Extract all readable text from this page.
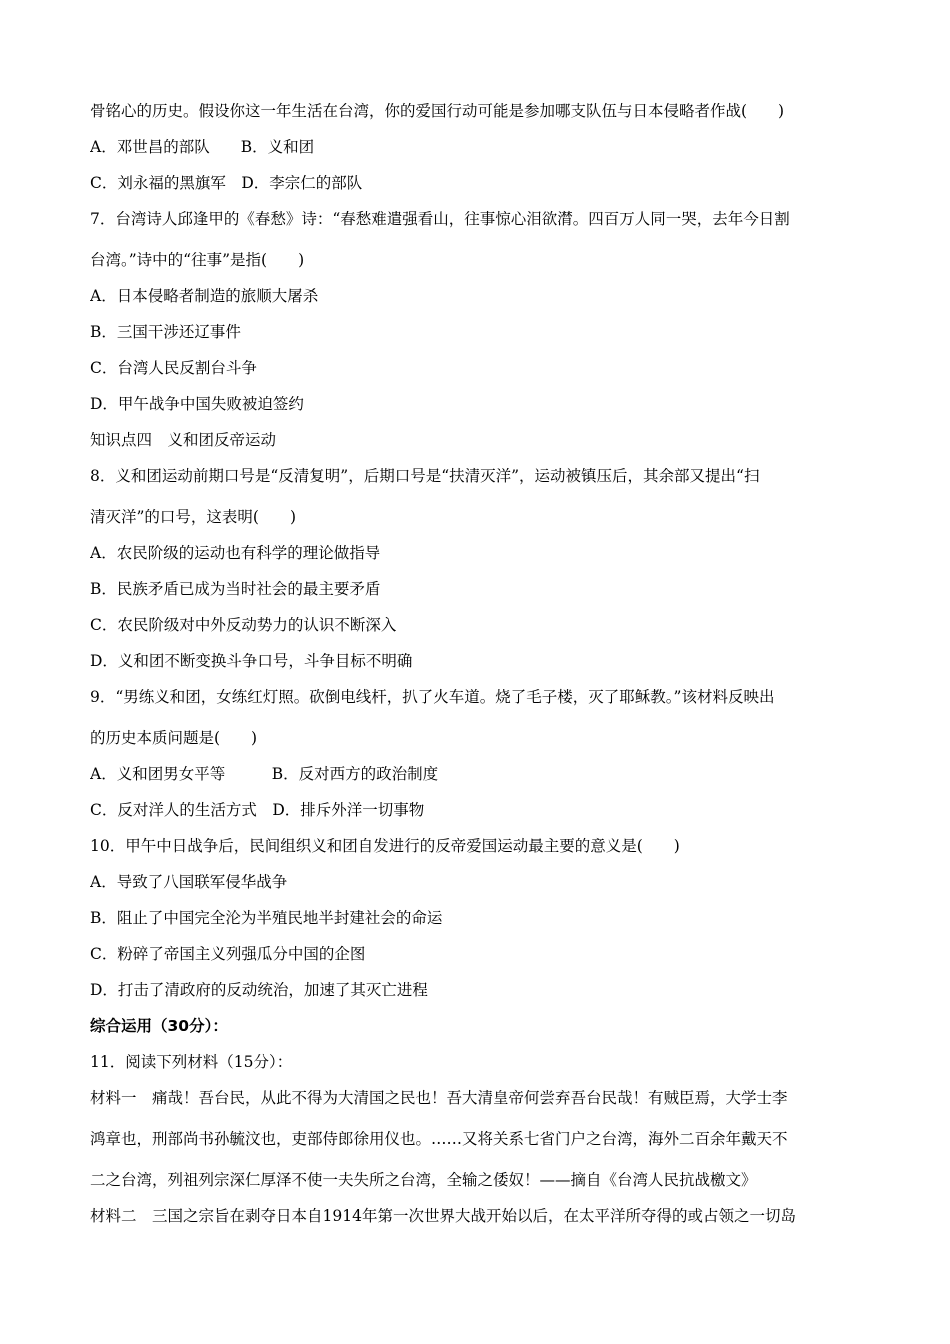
骨铭心的历史。假设你这一年生活在台湾，你的爱国行动可能是参加哪支队伍与日本侵略者作战(　　)
A．邓世昌的部队　　B．义和团
C．刘永福的黑旗军　D．李宗仁的部队
7．台湾诗人邱逢甲的《春愁》诗：“春愁难遣强看山，往事惊心泪欲潸。四百万人同一哭，去年今日割
台湾。”诗中的“往事”是指(　　)
A．日本侵略者制造的旅顺大屠杀
B．三国干涉还辽事件
C．台湾人民反割台斗争
D．甲午战争中国失败被迫签约
知识点四　义和团反帝运动
8．义和团运动前期口号是“反清复明”，后期口号是“扶清灭洋”，运动被镇压后，其余部又提出“扫
清灭洋”的口号，这表明(　　)
A．农民阶级的运动也有科学的理论做指导
B．民族矛盾已成为当时社会的最主要矛盾
C．农民阶级对中外反动势力的认识不断深入
D．义和团不断变换斗争口号，斗争目标不明确
9．“男练义和团，女练红灯照。砍倒电线杆，扒了火车道。烧了毛子楼，灭了耶稣教。”该材料反映出
的历史本质问题是(　　)
A．义和团男女平等　　　B．反对西方的政治制度
C．反对洋人的生活方式　D．排斥外洋一切事物
10．甲午中日战争后，民间组织义和团自发进行的反帝爱国运动最主要的意义是(　　)
A．导致了八国联军侵华战争
B．阻止了中国完全沦为半殖民地半封建社会的命运
C．粉碎了帝国主义列强瓜分中国的企图
D．打击了清政府的反动统治，加速了其灭亡进程
综合运用（30分）：
11．阅读下列材料（15分）：
材料一　痛哉！吾台民，从此不得为大清国之民也！吾大清皇帝何尝弃吾台民哉！有贼臣焉，大学士李
鸿章也，刑部尚书孙毓汶也，吏部侍郎徐用仪也。……又将关系七省门户之台湾，海外二百余年戴天不
二之台湾，列祖列宗深仁厚泽不使一夫失所之台湾，全输之倭奴！——摘自《台湾人民抗战檄文》
材料二　三国之宗旨在剥夺日本自1914年第一次世界大战开始以后，在太平洋所夺得的或占领之一切岛
